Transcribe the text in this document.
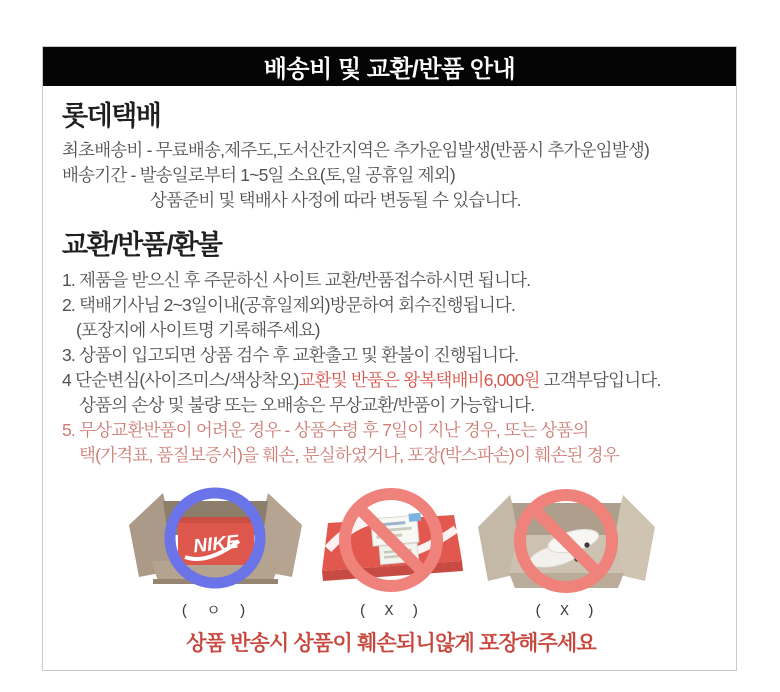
배송비 및 교환/반품 안내
롯데택배

최초배송비 - 무료배송,제주도,도서산간지역은 추가운임발생(반품시 추가운임발생)

배송기간 - 발송일로부터 1~5일 소요(토,일 공휴일 제외)

상품준비 및 택배사 사정에 따라 변동될 수 있습니다.

교환/반품/환불

1. 제품을 받으신 후 주문하신 사이트 교환/반품접수하시면 됩니다.

2. 택배기사님 2~3일이내(공휴일제외)방문하여 회수진행됩니다.

(포장지에 사이트명 기록해주세요)

3. 상품이 입고되면 상품 검수 후 교환출고 및 환불이 진행됩니다.

4 단순변심(사이즈미스/색상착오)교환및 반품은 왕복택배비6,000원 고객부담입니다.

상품의 손상 및 불량 또는 오배송은 무상교환/반품이 가능합니다.

5. 무상교환반품이 어려운 경우 - 상품수령 후 7일이 지난 경우, 또는 상품의

택(가격표, 품질보증서)을 훼손, 분실하였거나, 포장(박스파손)이 훼손된 경우

NIKE
( ㅇ )	( X )	( X )
상품 반송시 상품이 훼손되니않게 포장해주세요
